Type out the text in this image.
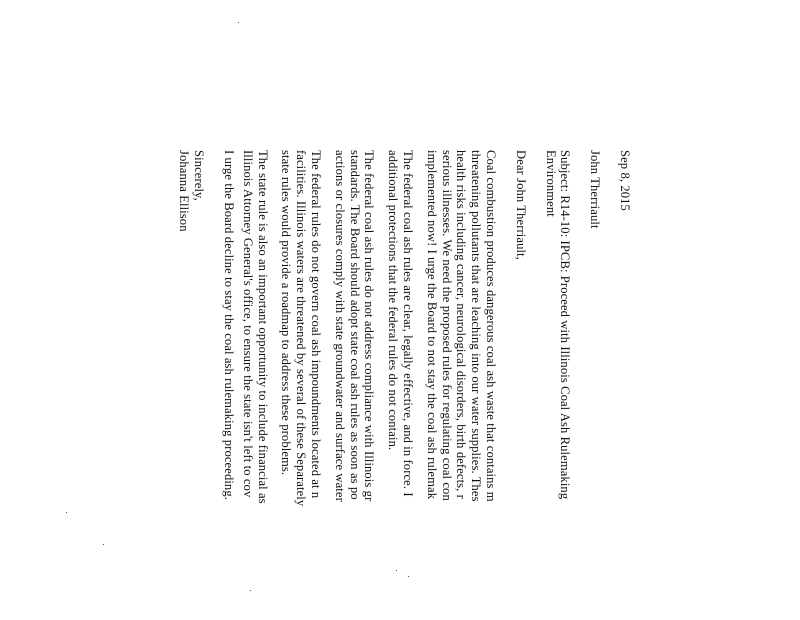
Sep 8, 2015
John Therriault
Subject: R14-10: IPCB: Proceed with Illinois Coal Ash Rulemaking
Environment
Dear John Therriault,
Coal combustion produces dangerous coal ash waste that contains m
threatening pollutants that are leaching into our water supplies. Thes
health risks including cancer, neurological disorders, birth defects, r
serious illnesses. We need the proposed rules for regulating coal con
implemented now! I urge the Board to not stay the coal ash rulemak
The federal coal ash rules are clear, legally effective, and in force. I
additional protections that the federal rules do not contain.
The federal coal ash rules do not address compliance with Illinois gr
standards. The Board should adopt state coal ash rules as soon as po
actions or closures comply with state groundwater and surface water
The federal rules do not govern coal ash impoundments located at n
facilities. Illinois waters are threatened by several of these Separately
state rules would provide a roadmap to address these problems.
The state rule is also an important opportunity to include financial as
Illinois Attorney General's office, to ensure the state isn't left to cov
I urge the Board decline to stay the coal ash rulemaking proceeding.
Sincerely,
Johanna Ellison
